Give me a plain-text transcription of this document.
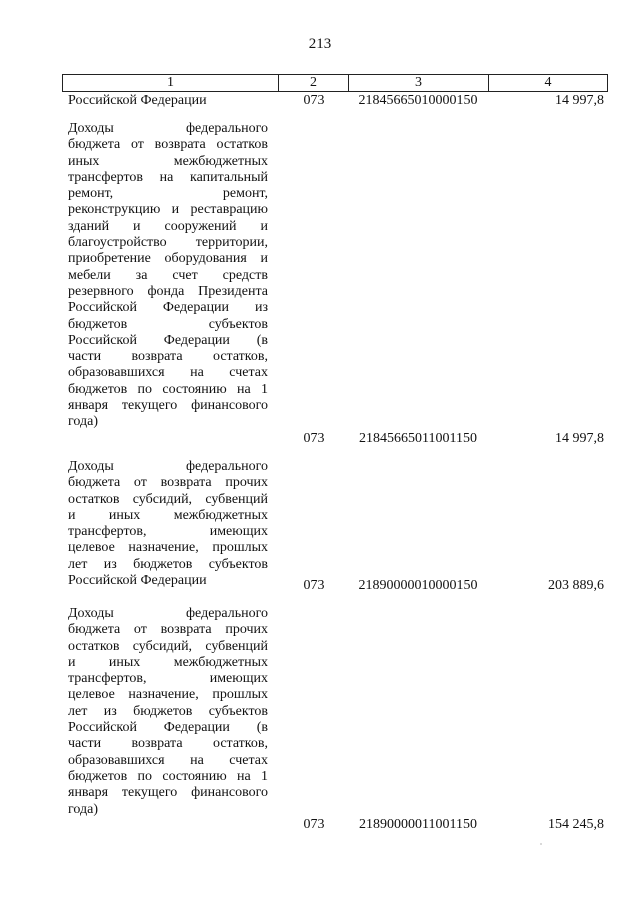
213
1	2	3	4
Российской Федерации	073	21845665010000150	14 997,8
Доходы федерального
бюджета от возврата остатков
иных межбюджетных
трансфертов на капитальный
ремонт, ремонт,
реконструкцию и реставрацию
зданий и сооружений и
благоустройство территории,
приобретение оборудования и
мебели за счет средств
резервного фонда Президента
Российской Федерации из
бюджетов субъектов
Российской Федерации (в
части возврата остатков,
образовавшихся на счетах
бюджетов по состоянию на 1
января текущего финансового
года)
073	21845665011001150	14 997,8
Доходы федерального
бюджета от возврата прочих
остатков субсидий, субвенций
и иных межбюджетных
трансфертов, имеющих
целевое назначение, прошлых
лет из бюджетов субъектов
Российской Федерации	073	21890000010000150	203 889,6
Доходы федерального
бюджета от возврата прочих
остатков субсидий, субвенций
и иных межбюджетных
трансфертов, имеющих
целевое назначение, прошлых
лет из бюджетов субъектов
Российской Федерации (в
части возврата остатков,
образовавшихся на счетах
бюджетов по состоянию на 1
января текущего финансового
года)
073	21890000011001150	154 245,8
